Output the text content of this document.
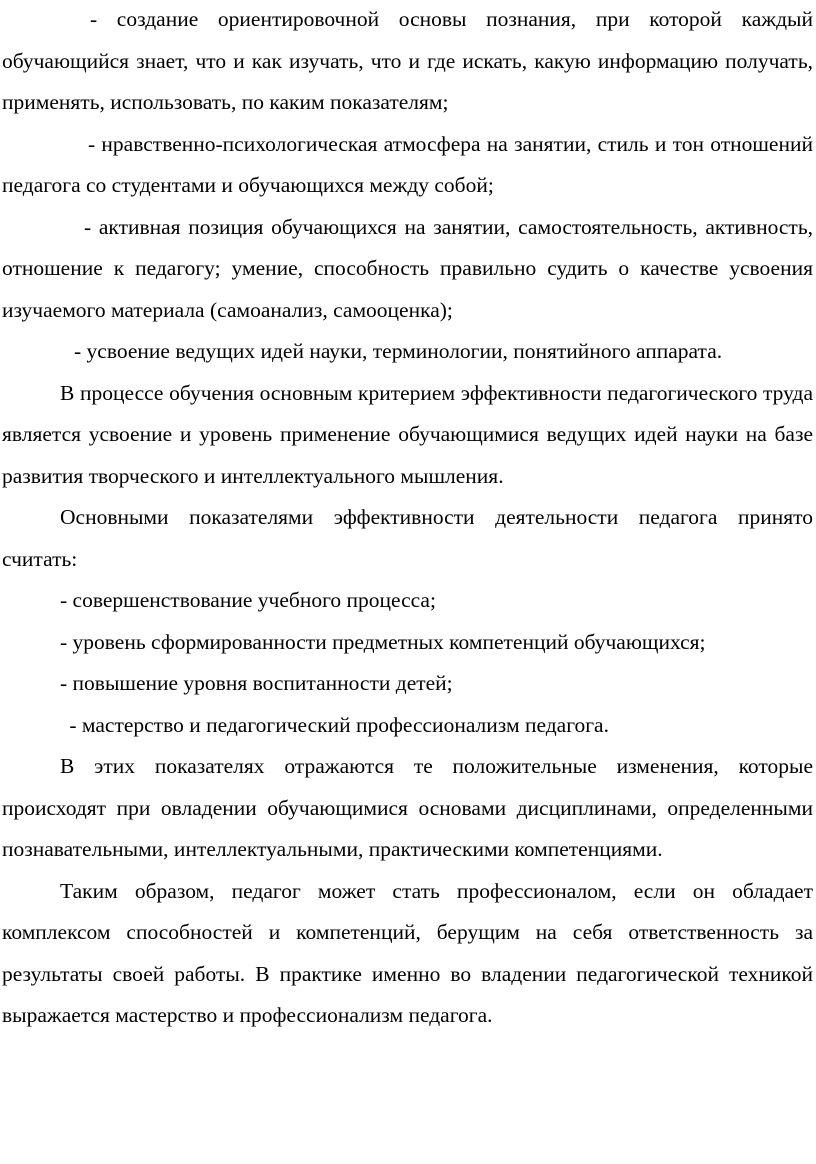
- создание ориентировочной основы познания, при которой каждый обучающийся знает, что и как изучать, что и где искать, какую информацию получать, применять, использовать, по каким показателям;

- нравственно-психологическая атмосфера на занятии, стиль и тон отношений педагога со студентами и обучающихся между собой;

- активная позиция обучающихся на занятии, самостоятельность, активность, отношение к педагогу; умение, способность правильно судить о качестве усвоения изучаемого материала (самоанализ, самооценка);

- усвоение ведущих идей науки, терминологии, понятийного аппарата.

В процессе обучения основным критерием эффективности педагогического труда является усвоение и уровень применение обучающимися ведущих идей науки на базе развития творческого и интеллектуального мышления.

Основными показателями эффективности деятельности педагога принято считать:

- совершенствование учебного процесса;

- уровень сформированности предметных компетенций обучающихся;

- повышение уровня воспитанности детей;

- мастерство и педагогический профессионализм педагога.

В этих показателях отражаются те положительные изменения, которые происходят при овладении обучающимися основами дисциплинами, определенными познавательными, интеллектуальными, практическими компетенциями.

Таким образом, педагог может стать профессионалом, если он обладает комплексом способностей и компетенций, берущим на себя ответственность за результаты своей работы. В практике именно во владении педагогической техникой выражается мастерство и профессионализм педагога.
